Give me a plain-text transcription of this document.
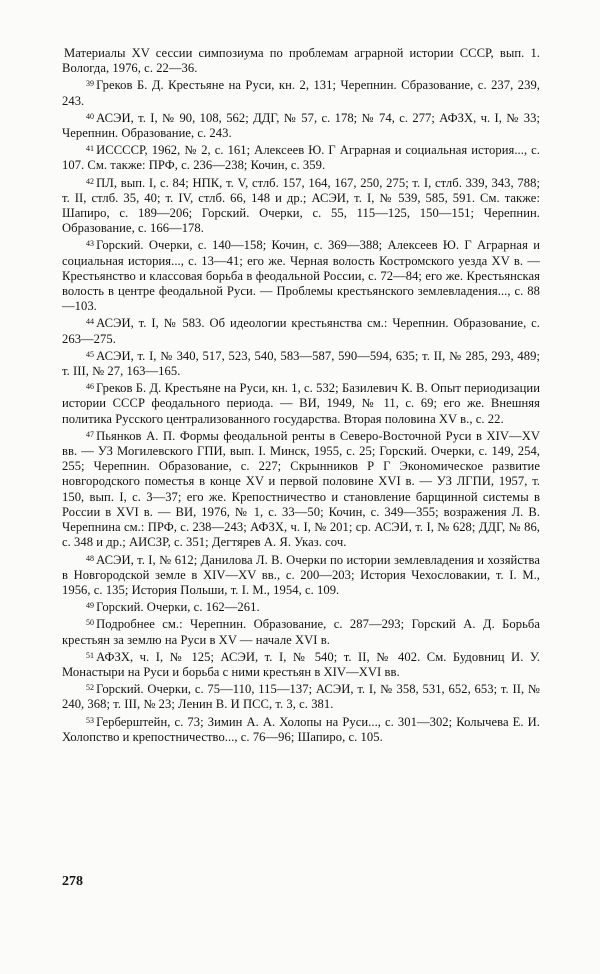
Материалы XV сессии симпозиума по проблемам аграрной истории СССР, вып. 1. Вологда, 1976, с. 22—36.

$^{39}$ Греков Б. Д. Крестьяне на Руси, кн. 2, 131; Черепнин. Сбразование, с. 237, 239, 243.

$^{40}$ АСЭИ, т. I, № 90, 108, 562; ДДГ, № 57, с. 178; № 74, с. 277; АФЗХ, ч. I, № 33; Черепнин. Образование, с. 243.

$^{41}$ ИССССР, 1962, № 2, с. 161; Алексеев Ю. Г Аграрная и социальная история..., с. 107. См. также: ПРФ, с. 236—238; Кочин, с. 359.

$^{42}$ ПЛ, вып. I, с. 84; НПК, т. V, стлб. 157, 164, 167, 250, 275; т. I, стлб. 339, 343, 788; т. II, стлб. 35, 40; т. IV, стлб. 66, 148 и др.; АСЭИ, т. I, № 539, 585, 591. См. также: Шапиро, с. 189—206; Горский. Очерки, с. 55, 115—125, 150—151; Черепнин. Образование, с. 166—178.

$^{43}$ Горский. Очерки, с. 140—158; Кочин, с. 369—388; Алексеев Ю. Г Аграрная и социальная история..., с. 13—41; его же. Черная волость Костромского уезда XV в. — Крестьянство и классовая борьба в феодальной России, с. 72—84; его же. Крестьянская волость в центре феодальной Руси. — Проблемы крестьянского землевладения..., с. 88—103.

$^{44}$ АСЭИ, т. I, № 583. Об идеологии крестьянства см.: Черепнин. Образование, с. 263—275.

$^{45}$ АСЭИ, т. I, № 340, 517, 523, 540, 583—587, 590—594, 635; т. II, № 285, 293, 489; т. III, № 27, 163—165.

$^{46}$ Греков Б. Д. Крестьяне на Руси, кн. 1, с. 532; Базилевич К. В. Опыт периодизации истории СССР феодального периода. — ВИ, 1949, № 11, с. 69; его же. Внешняя политика Русского централизованного государства. Вторая половина XV в., с. 22.

$^{47}$ Пьянков А. П. Формы феодальной ренты в Северо-Восточной Руси в XIV—XV вв. — УЗ Могилевского ГПИ, вып. I. Минск, 1955, с. 25; Горский. Очерки, с. 149, 254, 255; Черепнин. Образование, с. 227; Скрынников Р Г Экономическое развитие новгородского поместья в конце XV и первой половине XVI в. — УЗ ЛГПИ, 1957, т. 150, вып. I, с. 3—37; его же. Крепостничество и становление барщинной системы в России в XVI в. — ВИ, 1976, № 1, с. 33—50; Кочин, с. 349—355; возражения Л. В. Черепнина см.: ПРФ, с. 238—243; АФЗХ, ч. I, № 201; ср. АСЭИ, т. I, № 628; ДДГ, № 86, с. 348 и др.; АИСЗР, с. 351; Дегтярев А. Я. Указ. соч.

$^{48}$ АСЭИ, т. I, № 612; Данилова Л. В. Очерки по истории землевладения и хозяйства в Новгородской земле в XIV—XV вв., с. 200—203; История Чехословакии, т. I. М., 1956, с. 135; История Польши, т. I. М., 1954, с. 109.

$^{49}$ Горский. Очерки, с. 162—261.

$^{50}$ Подробнее см.: Черепнин. Образование, с. 287—293; Горский А. Д. Борьба крестьян за землю на Руси в XV — начале XVI в.

$^{51}$ АФЗХ, ч. I, № 125; АСЭИ, т. I, № 540; т. II, № 402. См. Будовниц И. У. Монастыри на Руси и борьба с ними крестьян в XIV—XVI вв.

$^{52}$ Горский. Очерки, с. 75—110, 115—137; АСЭИ, т. I, № 358, 531, 652, 653; т. II, № 240, 368; т. III, № 23; Ленин В. И ПСС, т. 3, с. 381.

$^{53}$ Герберштейн, с. 73; Зимин А. А. Холопы на Руси..., с. 301—302; Колычева Е. И. Холопство и крепостничество..., с. 76—96; Шапиро, с. 105.

278
